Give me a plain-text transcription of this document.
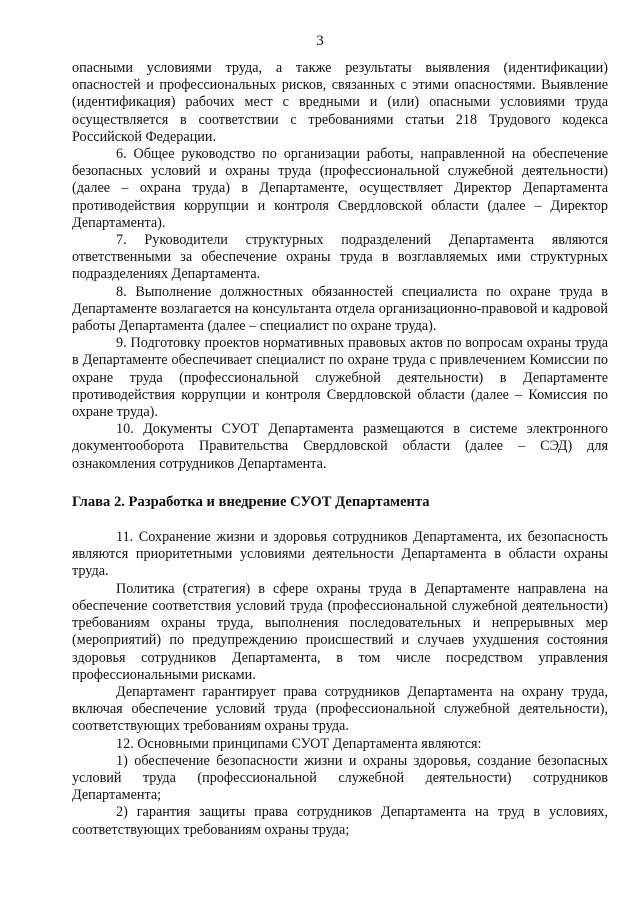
3

опасными условиями труда, а также результаты выявления (идентификации) опасностей и профессиональных рисков, связанных с этими опасностями. Выявление (идентификация) рабочих мест с вредными и (или) опасными условиями труда осуществляется в соответствии с требованиями статьи 218 Трудового кодекса Российской Федерации.

6. Общее руководство по организации работы, направленной на обеспечение безопасных условий и охраны труда (профессиональной служебной деятельности) (далее – охрана труда) в Департаменте, осуществляет Директор Департамента противодействия коррупции и контроля Свердловской области (далее – Директор Департамента).

7. Руководители структурных подразделений Департамента являются ответственными за обеспечение охраны труда в возглавляемых ими структурных подразделениях Департамента.

8. Выполнение должностных обязанностей специалиста по охране труда в Департаменте возлагается на консультанта отдела организационно-правовой и кадровой работы Департамента (далее – специалист по охране труда).

9. Подготовку проектов нормативных правовых актов по вопросам охраны труда в Департаменте обеспечивает специалист по охране труда с привлечением Комиссии по охране труда (профессиональной служебной деятельности) в Департаменте противодействия коррупции и контроля Свердловской области (далее – Комиссия по охране труда).

10. Документы СУОТ Департамента размещаются в системе электронного документооборота Правительства Свердловской области (далее – СЭД) для ознакомления сотрудников Департамента.

Глава 2. Разработка и внедрение СУОТ Департамента

11. Сохранение жизни и здоровья сотрудников Департамента, их безопасность являются приоритетными условиями деятельности Департамента в области охраны труда.

Политика (стратегия) в сфере охраны труда в Департаменте направлена на обеспечение соответствия условий труда (профессиональной служебной деятельности) требованиям охраны труда, выполнения последовательных и непрерывных мер (мероприятий) по предупреждению происшествий и случаев ухудшения состояния здоровья сотрудников Департамента, в том числе посредством управления профессиональными рисками.

Департамент гарантирует права сотрудников Департамента на охрану труда, включая обеспечение условий труда (профессиональной служебной деятельности), соответствующих требованиям охраны труда.

12. Основными принципами СУОТ Департамента являются:

1) обеспечение безопасности жизни и охраны здоровья, создание безопасных условий труда (профессиональной служебной деятельности) сотрудников Департамента;

2) гарантия защиты права сотрудников Департамента на труд в условиях, соответствующих требованиям охраны труда;
